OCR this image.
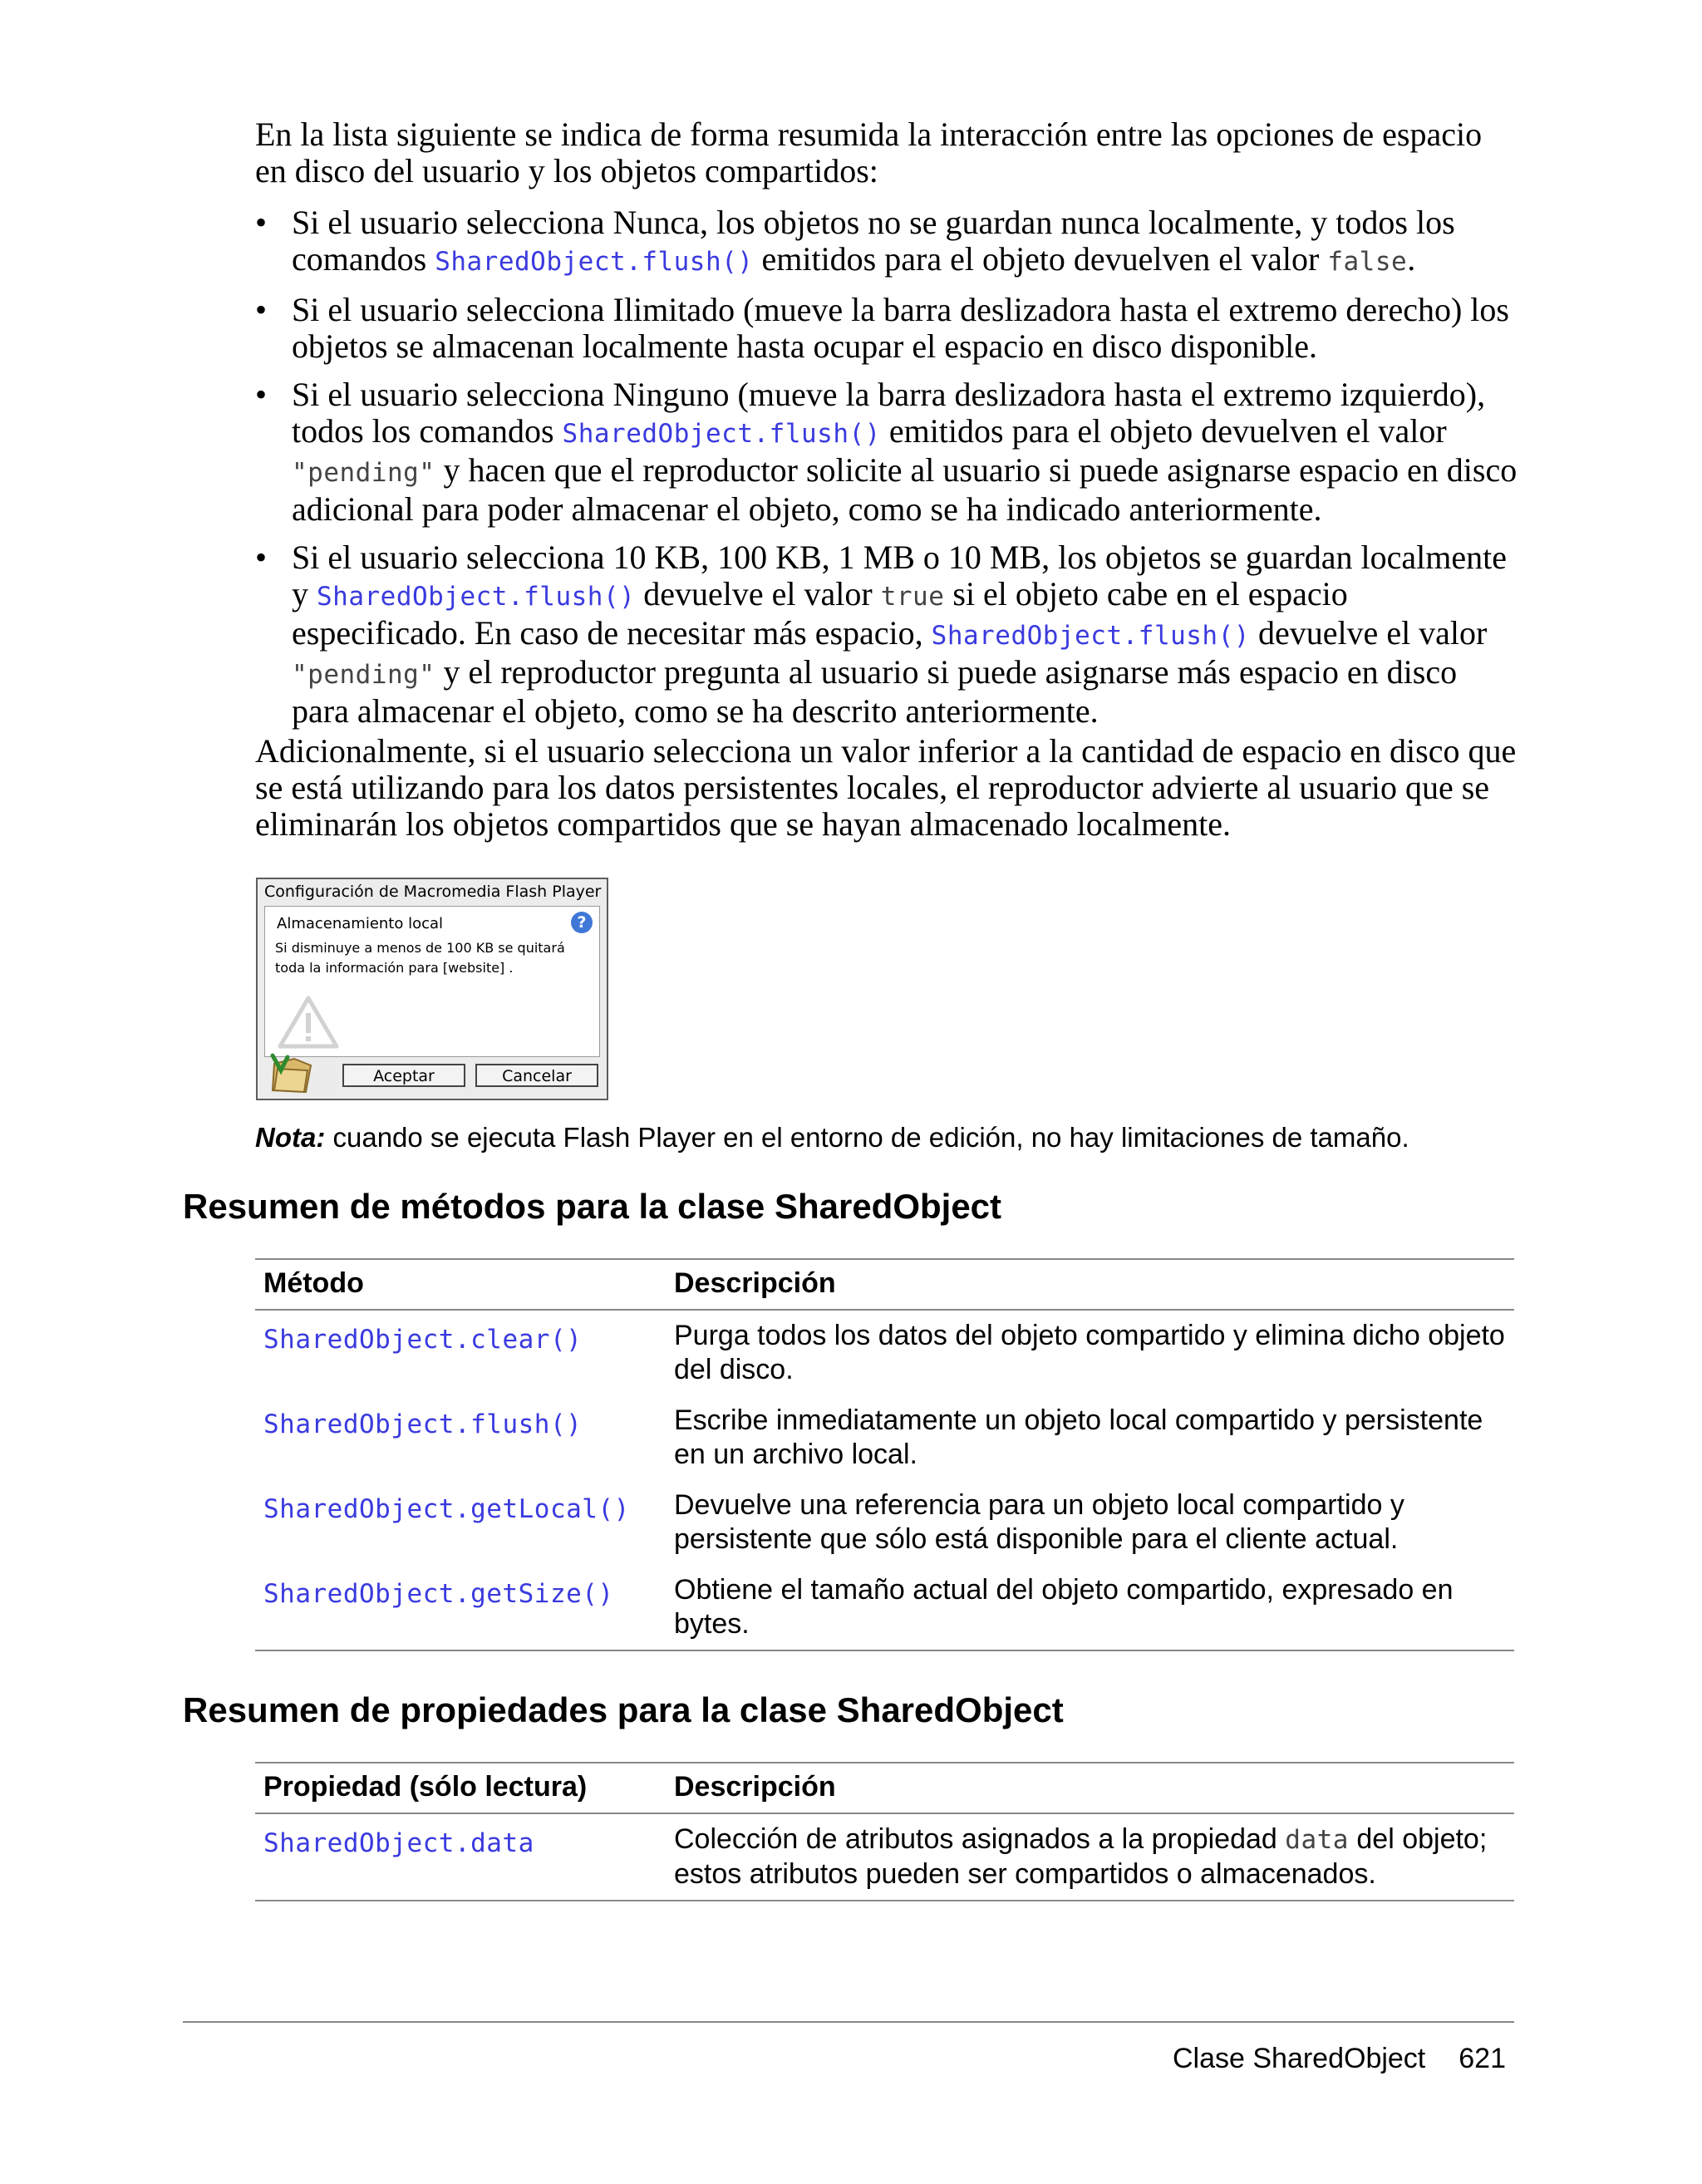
En la lista siguiente se indica de forma resumida la interacción entre las opciones de espacio en disco del usuario y los objetos compartidos:

• Si el usuario selecciona Nunca, los objetos no se guardan nunca localmente, y todos los comandos SharedObject.flush() emitidos para el objeto devuelven el valor false.
• Si el usuario selecciona Ilimitado (mueve la barra deslizadora hasta el extremo derecho) los objetos se almacenan localmente hasta ocupar el espacio en disco disponible.
• Si el usuario selecciona Ninguno (mueve la barra deslizadora hasta el extremo izquierdo), todos los comandos SharedObject.flush() emitidos para el objeto devuelven el valor "pending" y hacen que el reproductor solicite al usuario si puede asignarse espacio en disco adicional para poder almacenar el objeto, como se ha indicado anteriormente.
• Si el usuario selecciona 10 KB, 100 KB, 1 MB o 10 MB, los objetos se guardan localmente y SharedObject.flush() devuelve el valor true si el objeto cabe en el espacio especificado. En caso de necesitar más espacio, SharedObject.flush() devuelve el valor "pending" y el reproductor pregunta al usuario si puede asignarse más espacio en disco para almacenar el objeto, como se ha descrito anteriormente.

Adicionalmente, si el usuario selecciona un valor inferior a la cantidad de espacio en disco que se está utilizando para los datos persistentes locales, el reproductor advierte al usuario que se eliminarán los objetos compartidos que se hayan almacenado localmente.

Configuración de Macromedia Flash Player
Almacenamiento local	?
Si disminuye a menos de 100 KB se quitará toda la información para [website] .
Aceptar	Cancelar
Nota: cuando se ejecuta Flash Player en el entorno de edición, no hay limitaciones de tamaño.
Resumen de métodos para la clase SharedObject
Método	Descripción
SharedObject.clear()	Purga todos los datos del objeto compartido y elimina dicho objeto del disco.
SharedObject.flush()	Escribe inmediatamente un objeto local compartido y persistente en un archivo local.
SharedObject.getLocal()	Devuelve una referencia para un objeto local compartido y persistente que sólo está disponible para el cliente actual.
SharedObject.getSize()	Obtiene el tamaño actual del objeto compartido, expresado en bytes.
Resumen de propiedades para la clase SharedObject
Propiedad (sólo lectura)	Descripción
SharedObject.data	Colección de atributos asignados a la propiedad data del objeto; estos atributos pueden ser compartidos o almacenados.
Clase SharedObject 621
